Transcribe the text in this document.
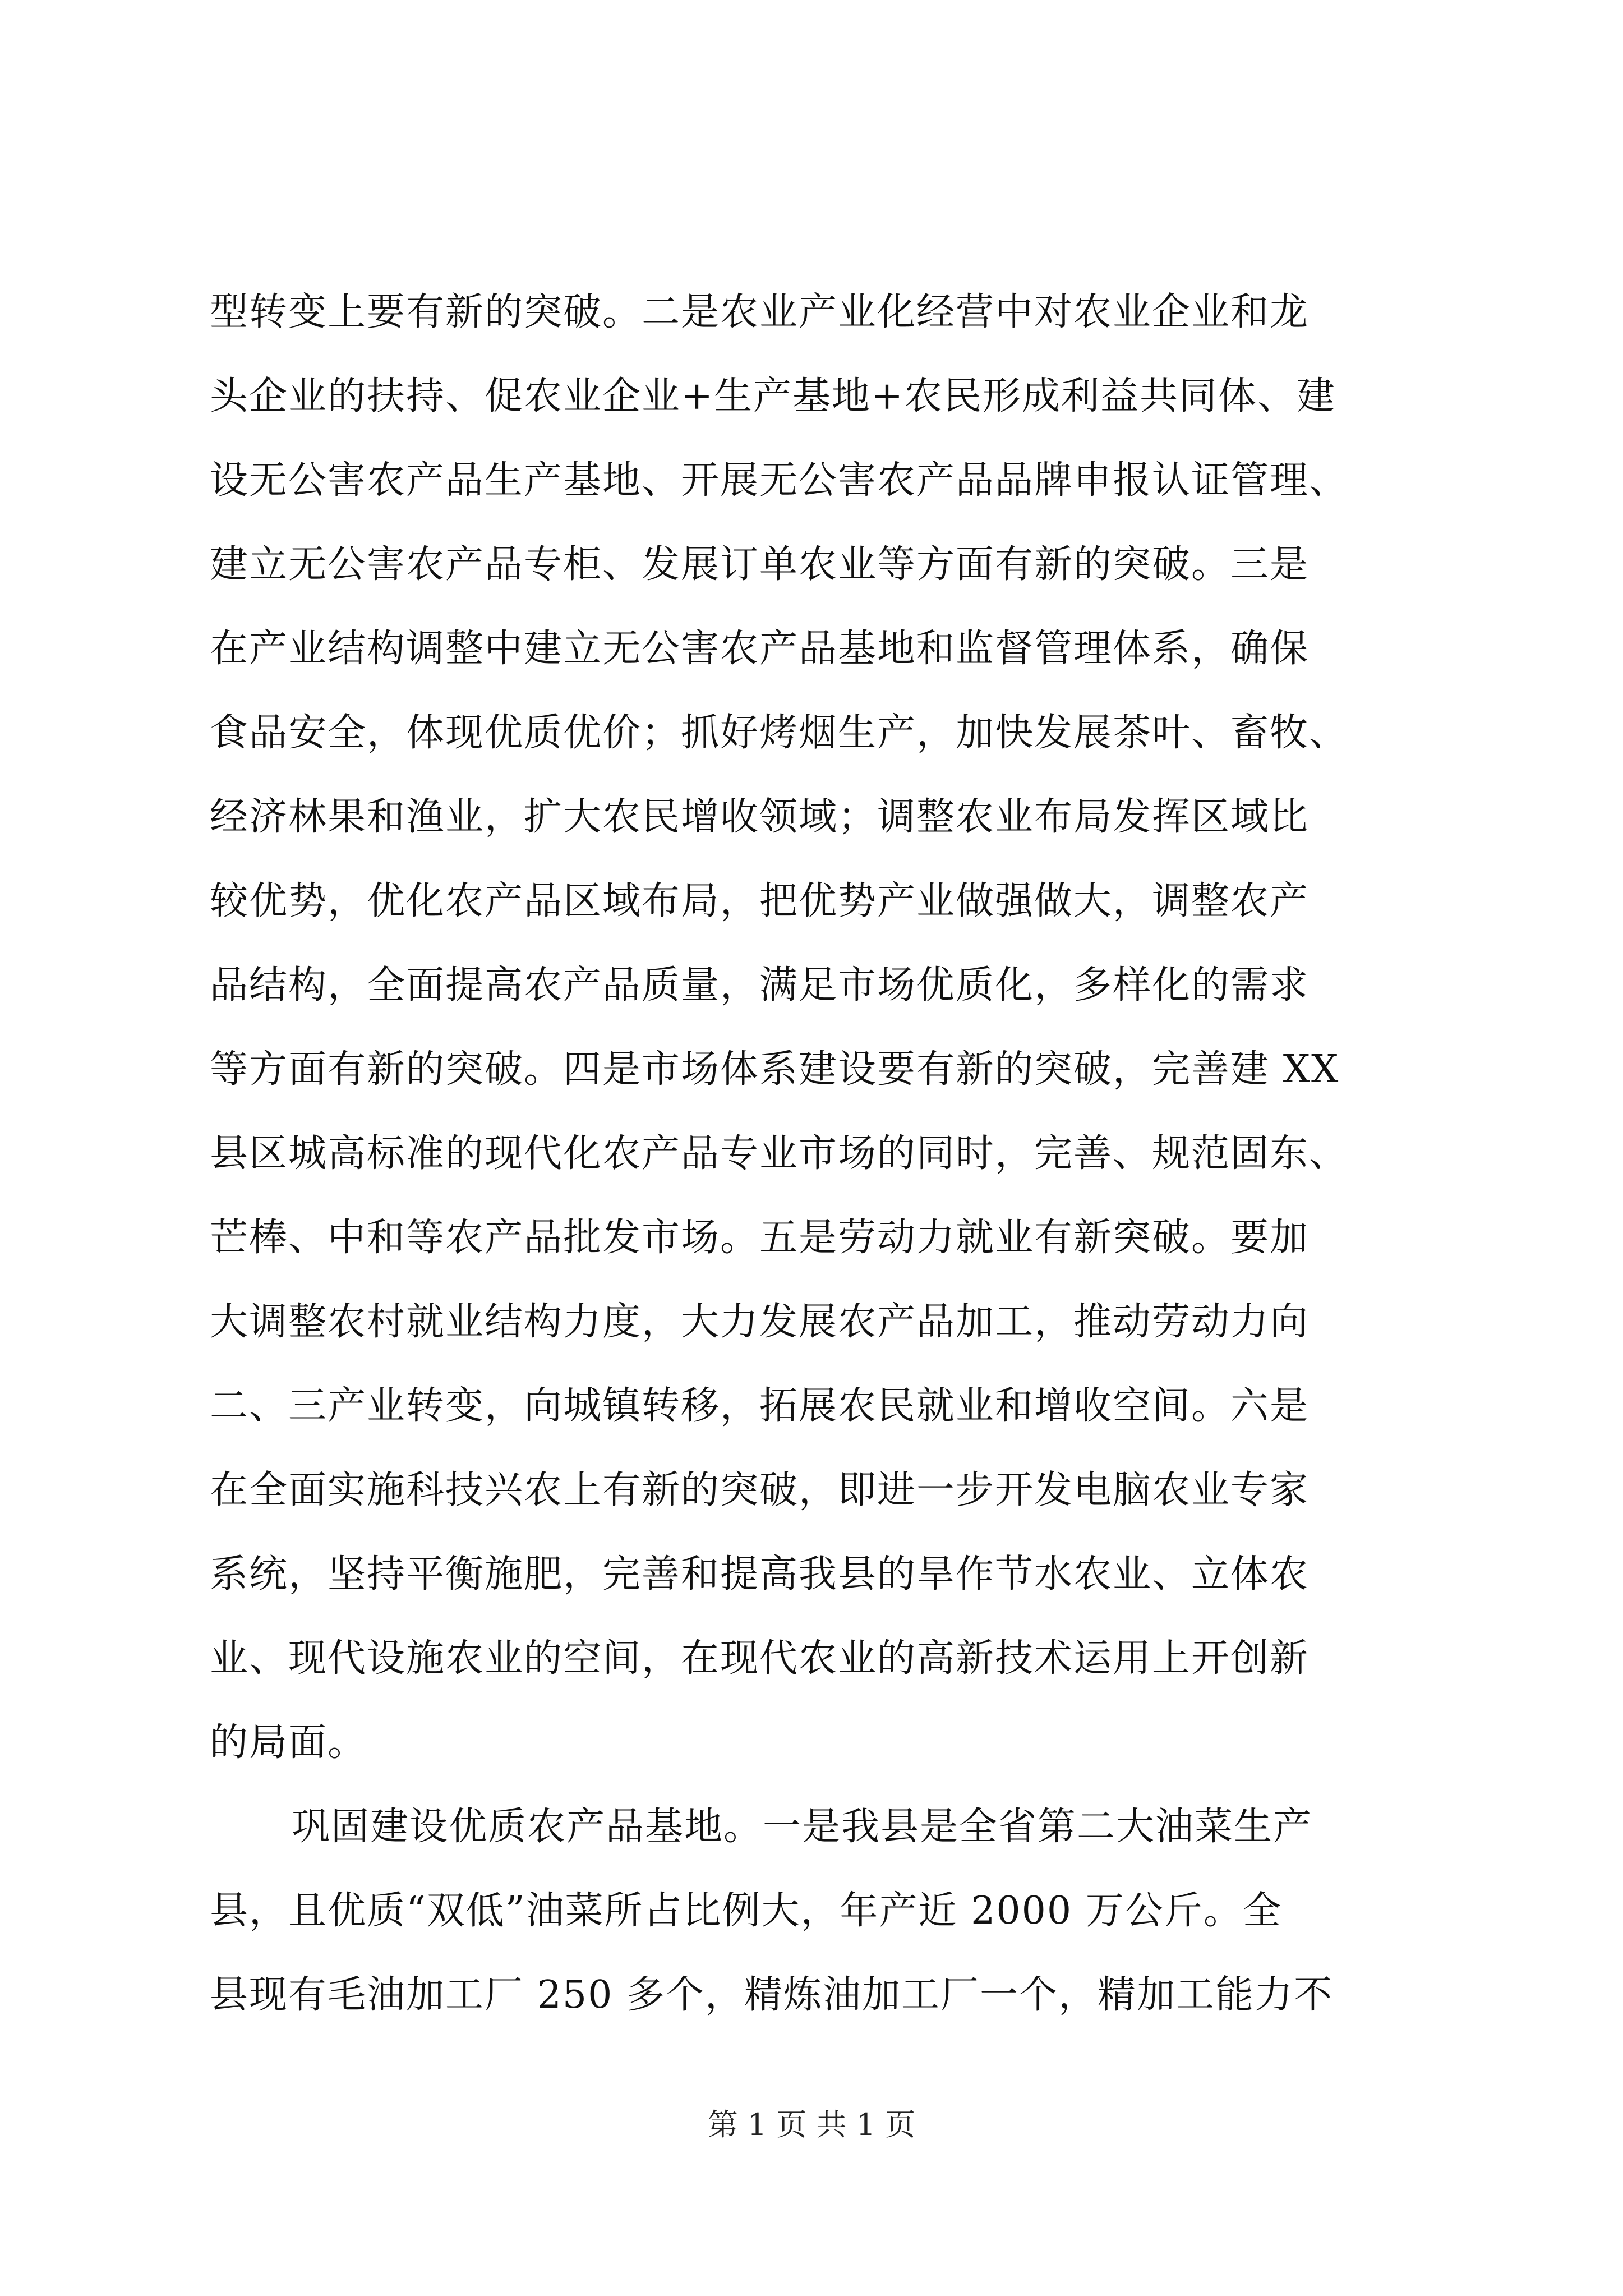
型转变上要有新的突破。二是农业产业化经营中对农业企业和龙
头企业的扶持、促农业企业+生产基地+农民形成利益共同体、建
设无公害农产品生产基地、开展无公害农产品品牌申报认证管理、
建立无公害农产品专柜、发展订单农业等方面有新的突破。三是
在产业结构调整中建立无公害农产品基地和监督管理体系，确保
食品安全，体现优质优价；抓好烤烟生产，加快发展茶叶、畜牧、
经济林果和渔业，扩大农民增收领域；调整农业布局发挥区域比
较优势，优化农产品区域布局，把优势产业做强做大，调整农产
品结构，全面提高农产品质量，满足市场优质化，多样化的需求
等方面有新的突破。四是市场体系建设要有新的突破，完善建 XX
县区城高标准的现代化农产品专业市场的同时，完善、规范固东、
芒棒、中和等农产品批发市场。五是劳动力就业有新突破。要加
大调整农村就业结构力度，大力发展农产品加工，推动劳动力向
二、三产业转变，向城镇转移，拓展农民就业和增收空间。六是
在全面实施科技兴农上有新的突破，即进一步开发电脑农业专家
系统，坚持平衡施肥，完善和提高我县的旱作节水农业、立体农
业、现代设施农业的空间，在现代农业的高新技术运用上开创新
的局面。
巩固建设优质农产品基地。一是我县是全省第二大油菜生产
县，且优质“双低”油菜所占比例大，年产近 2000 万公斤。全
县现有毛油加工厂 250 多个，精炼油加工厂一个，精加工能力不
第 1 页 共 1 页
